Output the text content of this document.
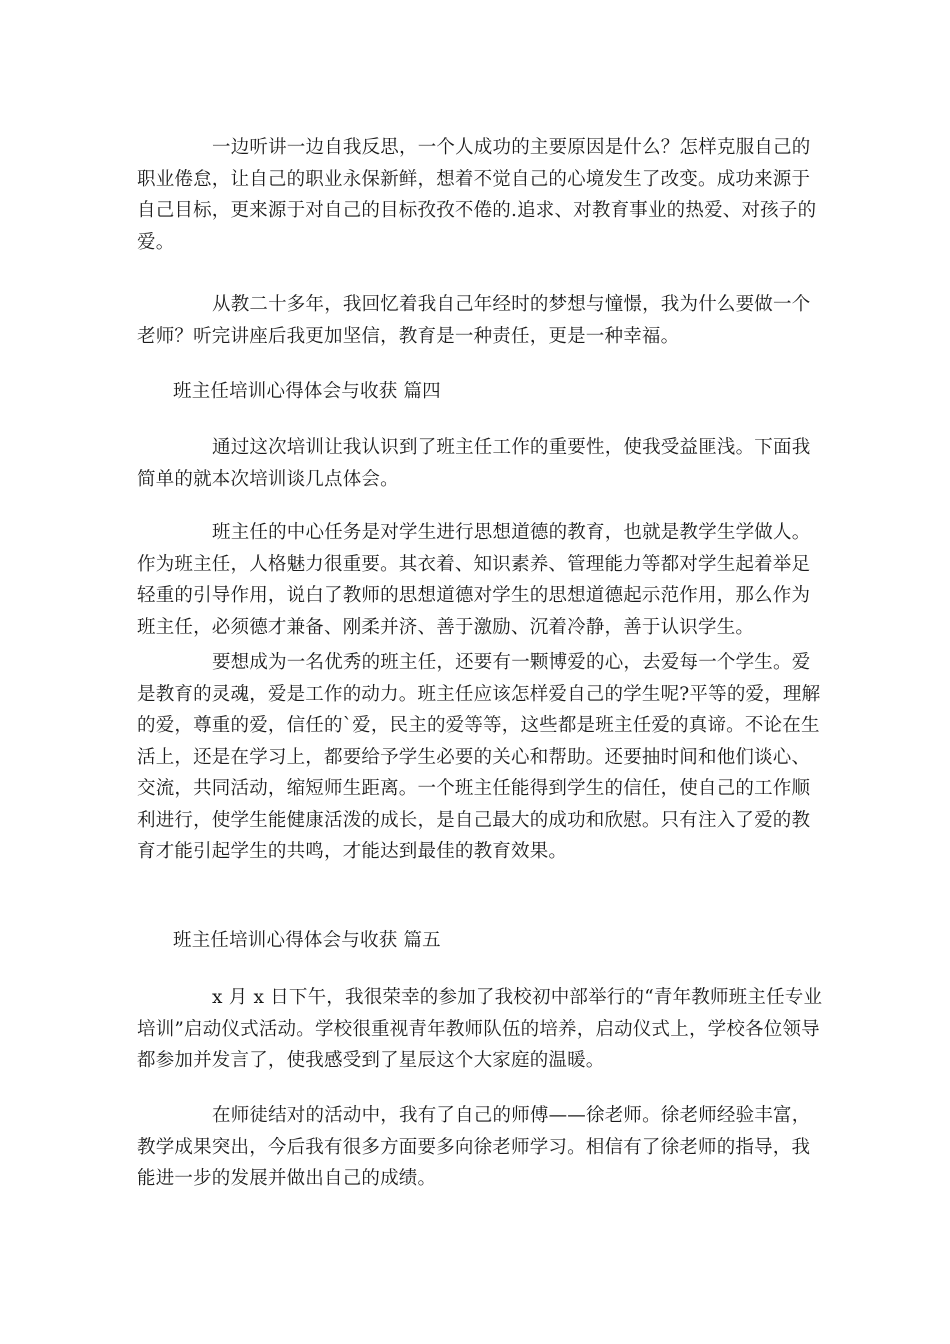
一边听讲一边自我反思，一个人成功的主要原因是什么？怎样克服自己的职业倦怠，让自己的职业永保新鲜，想着不觉自己的心境发生了改变。成功来源于自己目标，更来源于对自己的目标孜孜不倦的.追求、对教育事业的热爱、对孩子的爱。

从教二十多年，我回忆着我自己年经时的梦想与憧憬，我为什么要做一个老师？听完讲座后我更加坚信，教育是一种责任，更是一种幸福。

班主任培训心得体会与收获 篇四

通过这次培训让我认识到了班主任工作的重要性，使我受益匪浅。下面我简单的就本次培训谈几点体会。

班主任的中心任务是对学生进行思想道德的教育，也就是教学生学做人。作为班主任，人格魅力很重要。其衣着、知识素养、管理能力等都对学生起着举足轻重的引导作用，说白了教师的思想道德对学生的思想道德起示范作用，那么作为班主任，必须德才兼备、刚柔并济、善于激励、沉着冷静，善于认识学生。

要想成为一名优秀的班主任，还要有一颗博爱的心，去爱每一个学生。爱是教育的灵魂，爱是工作的动力。班主任应该怎样爱自己的学生呢?平等的爱，理解的爱，尊重的爱，信任的`爱，民主的爱等等，这些都是班主任爱的真谛。不论在生活上，还是在学习上，都要给予学生必要的关心和帮助。还要抽时间和他们谈心、交流，共同活动，缩短师生距离。一个班主任能得到学生的信任，使自己的工作顺利进行，使学生能健康活泼的成长，是自己最大的成功和欣慰。只有注入了爱的教育才能引起学生的共鸣，才能达到最佳的教育效果。

班主任培训心得体会与收获 篇五

x 月 x 日下午，我很荣幸的参加了我校初中部举行的“青年教师班主任专业培训”启动仪式活动。学校很重视青年教师队伍的培养，启动仪式上，学校各位领导都参加并发言了，使我感受到了星辰这个大家庭的温暖。

在师徒结对的活动中，我有了自己的师傅——徐老师。徐老师经验丰富，教学成果突出，今后我有很多方面要多向徐老师学习。相信有了徐老师的指导，我能进一步的发展并做出自己的成绩。
